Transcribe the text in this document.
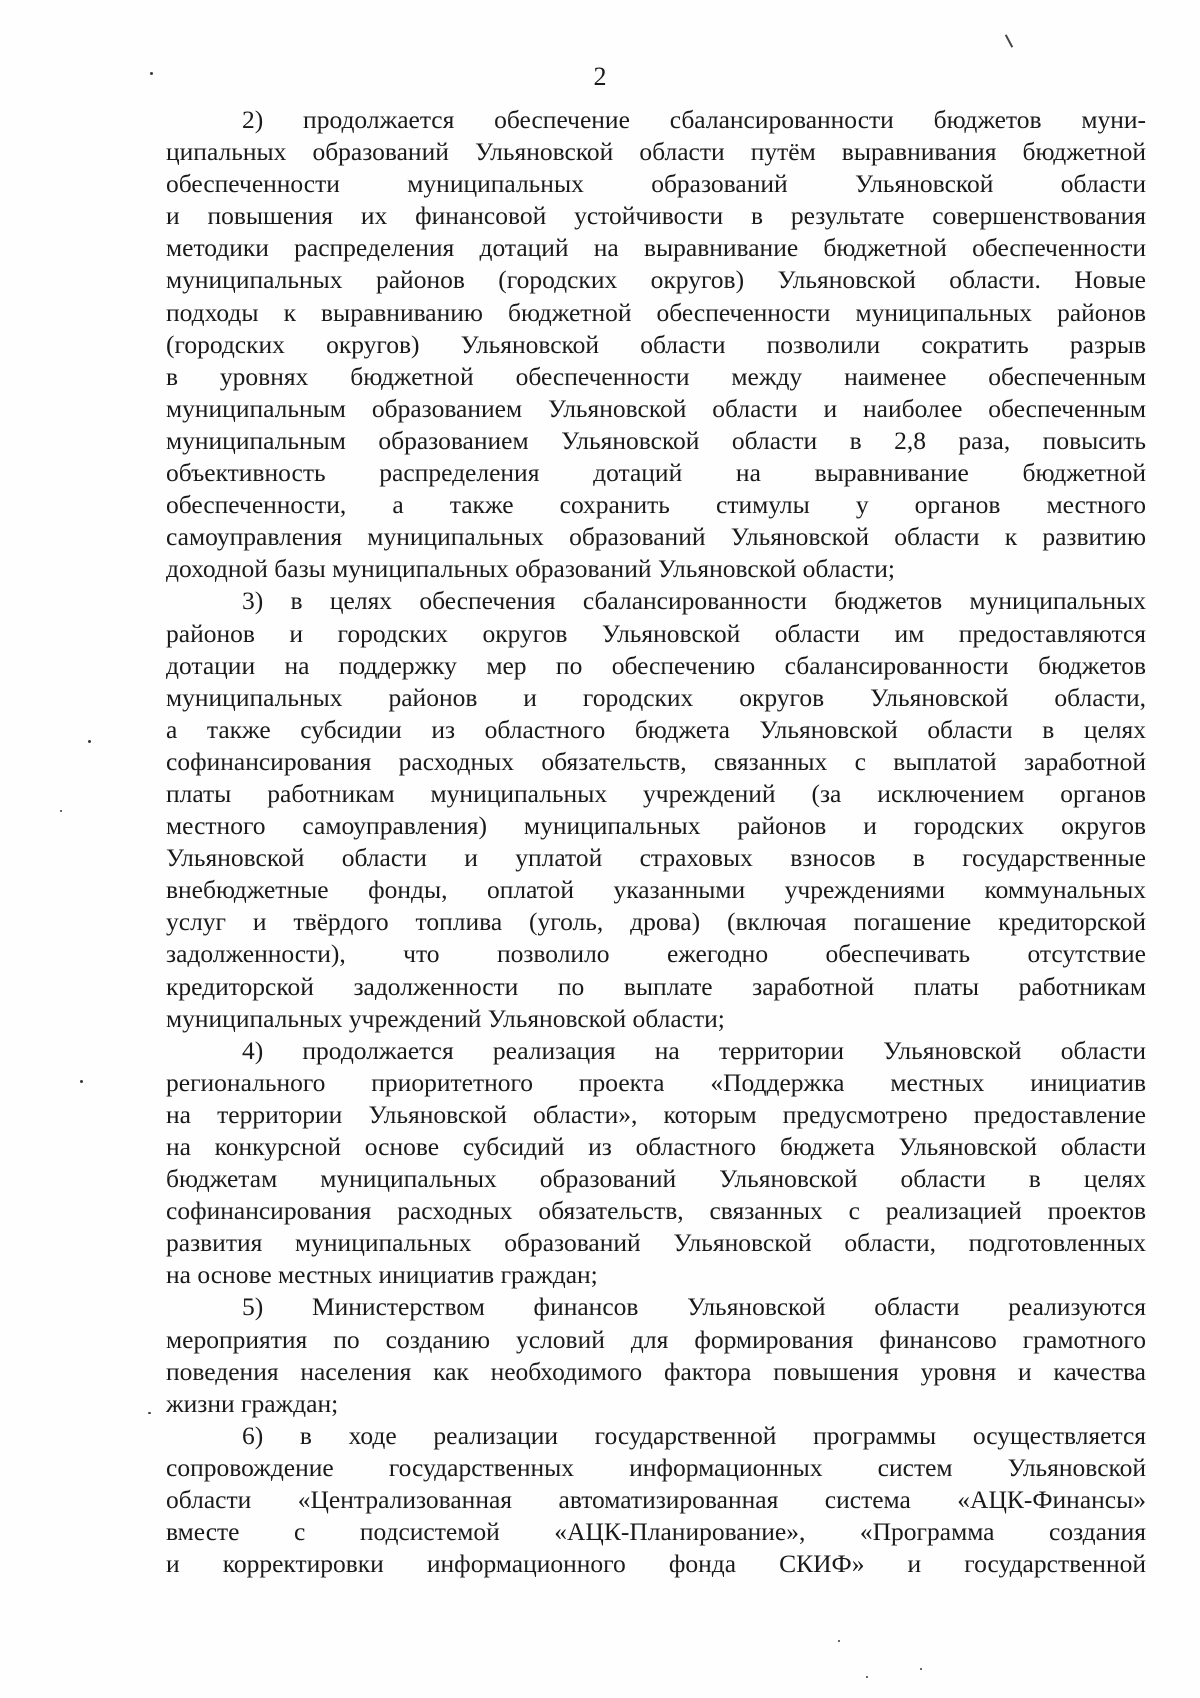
2
2) продолжается обеспечение сбалансированности бюджетов муни-
ципальных образований Ульяновской области путём выравнивания бюджетной
обеспеченности муниципальных образований Ульяновской области
и повышения их финансовой устойчивости в результате совершенствования
методики распределения дотаций на выравнивание бюджетной обеспеченности
муниципальных районов (городских округов) Ульяновской области. Новые
подходы к выравниванию бюджетной обеспеченности муниципальных районов
(городских округов) Ульяновской области позволили сократить разрыв
в уровнях бюджетной обеспеченности между наименее обеспеченным
муниципальным образованием Ульяновской области и наиболее обеспеченным
муниципальным образованием Ульяновской области в 2,8 раза, повысить
объективность распределения дотаций на выравнивание бюджетной
обеспеченности, а также сохранить стимулы у органов местного
самоуправления муниципальных образований Ульяновской области к развитию
доходной базы муниципальных образований Ульяновской области;
3) в целях обеспечения сбалансированности бюджетов муниципальных
районов и городских округов Ульяновской области им предоставляются
дотации на поддержку мер по обеспечению сбалансированности бюджетов
муниципальных районов и городских округов Ульяновской области,
а также субсидии из областного бюджета Ульяновской области в целях
софинансирования расходных обязательств, связанных с выплатой заработной
платы работникам муниципальных учреждений (за исключением органов
местного самоуправления) муниципальных районов и городских округов
Ульяновской области и уплатой страховых взносов в государственные
внебюджетные фонды, оплатой указанными учреждениями коммунальных
услуг и твёрдого топлива (уголь, дрова) (включая погашение кредиторской
задолженности), что позволило ежегодно обеспечивать отсутствие
кредиторской задолженности по выплате заработной платы работникам
муниципальных учреждений Ульяновской области;
4) продолжается реализация на территории Ульяновской области
регионального приоритетного проекта «Поддержка местных инициатив
на территории Ульяновской области», которым предусмотрено предоставление
на конкурсной основе субсидий из областного бюджета Ульяновской области
бюджетам муниципальных образований Ульяновской области в целях
софинансирования расходных обязательств, связанных с реализацией проектов
развития муниципальных образований Ульяновской области, подготовленных
на основе местных инициатив граждан;
5) Министерством финансов Ульяновской области реализуются
мероприятия по созданию условий для формирования финансово грамотного
поведения населения как необходимого фактора повышения уровня и качества
жизни граждан;
6) в ходе реализации государственной программы осуществляется
сопровождение государственных информационных систем Ульяновской
области «Централизованная автоматизированная система «АЦК-Финансы»
вместе с подсистемой «АЦК-Планирование», «Программа создания
и корректировки информационного фонда СКИФ» и государственной
